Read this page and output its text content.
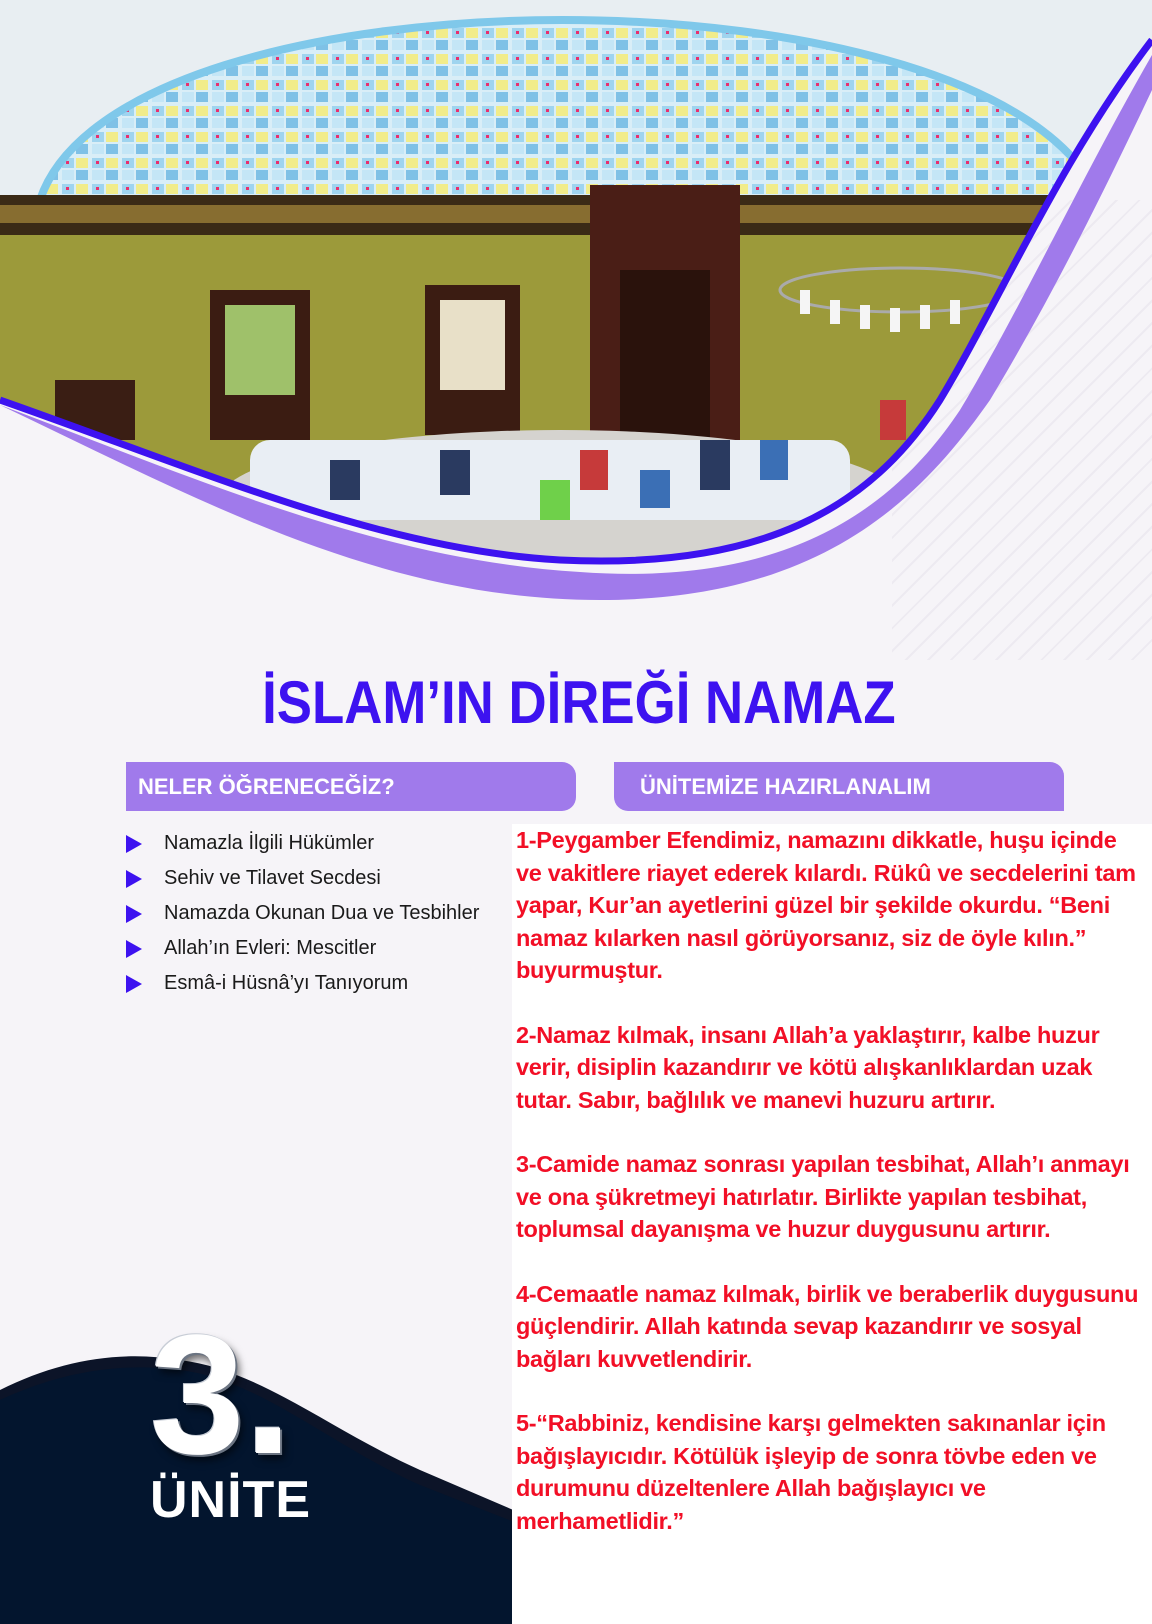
İSLAM’IN DİREĞİ NAMAZ
NELER ÖĞRENECEĞİZ?	ÜNİTEMİZE HAZIRLANALIM
Namazla İlgili Hükümler
Sehiv ve Tilavet Secdesi
Namazda Okunan Dua ve Tesbihler
Allah’ın Evleri: Mescitler
Esmâ-i Hüsnâ’yı Tanıyorum

1-Peygamber Efendimiz, namazını dikkatle, huşu içinde ve vakitlere riayet ederek kılardı. Rükû ve secdelerini tam yapar, Kur’an ayetlerini güzel bir şekilde okurdu. “Beni namaz kılarken nasıl görüyorsanız, siz de öyle kılın.” buyurmuştur.

2-Namaz kılmak, insanı Allah’a yaklaştırır, kalbe huzur verir, disiplin kazandırır ve kötü alışkanlıklardan uzak tutar. Sabır, bağlılık ve manevi huzuru artırır.

3-Camide namaz sonrası yapılan tesbihat, Allah’ı anmayı ve ona şükretmeyi hatırlatır. Birlikte yapılan tesbihat, toplumsal dayanışma ve huzur duygusunu artırır.

4-Cemaatle namaz kılmak, birlik ve beraberlik duygusunu güçlendirir. Allah katında sevap kazandırır ve sosyal bağları kuvvetlendirir.

5-“Rabbiniz, kendisine karşı gelmekten sakınanlar için bağışlayıcıdır. Kötülük işleyip de sonra tövbe eden ve durumunu düzeltenlere Allah bağışlayıcı ve merhametlidir.”

3.
ÜNİTE
